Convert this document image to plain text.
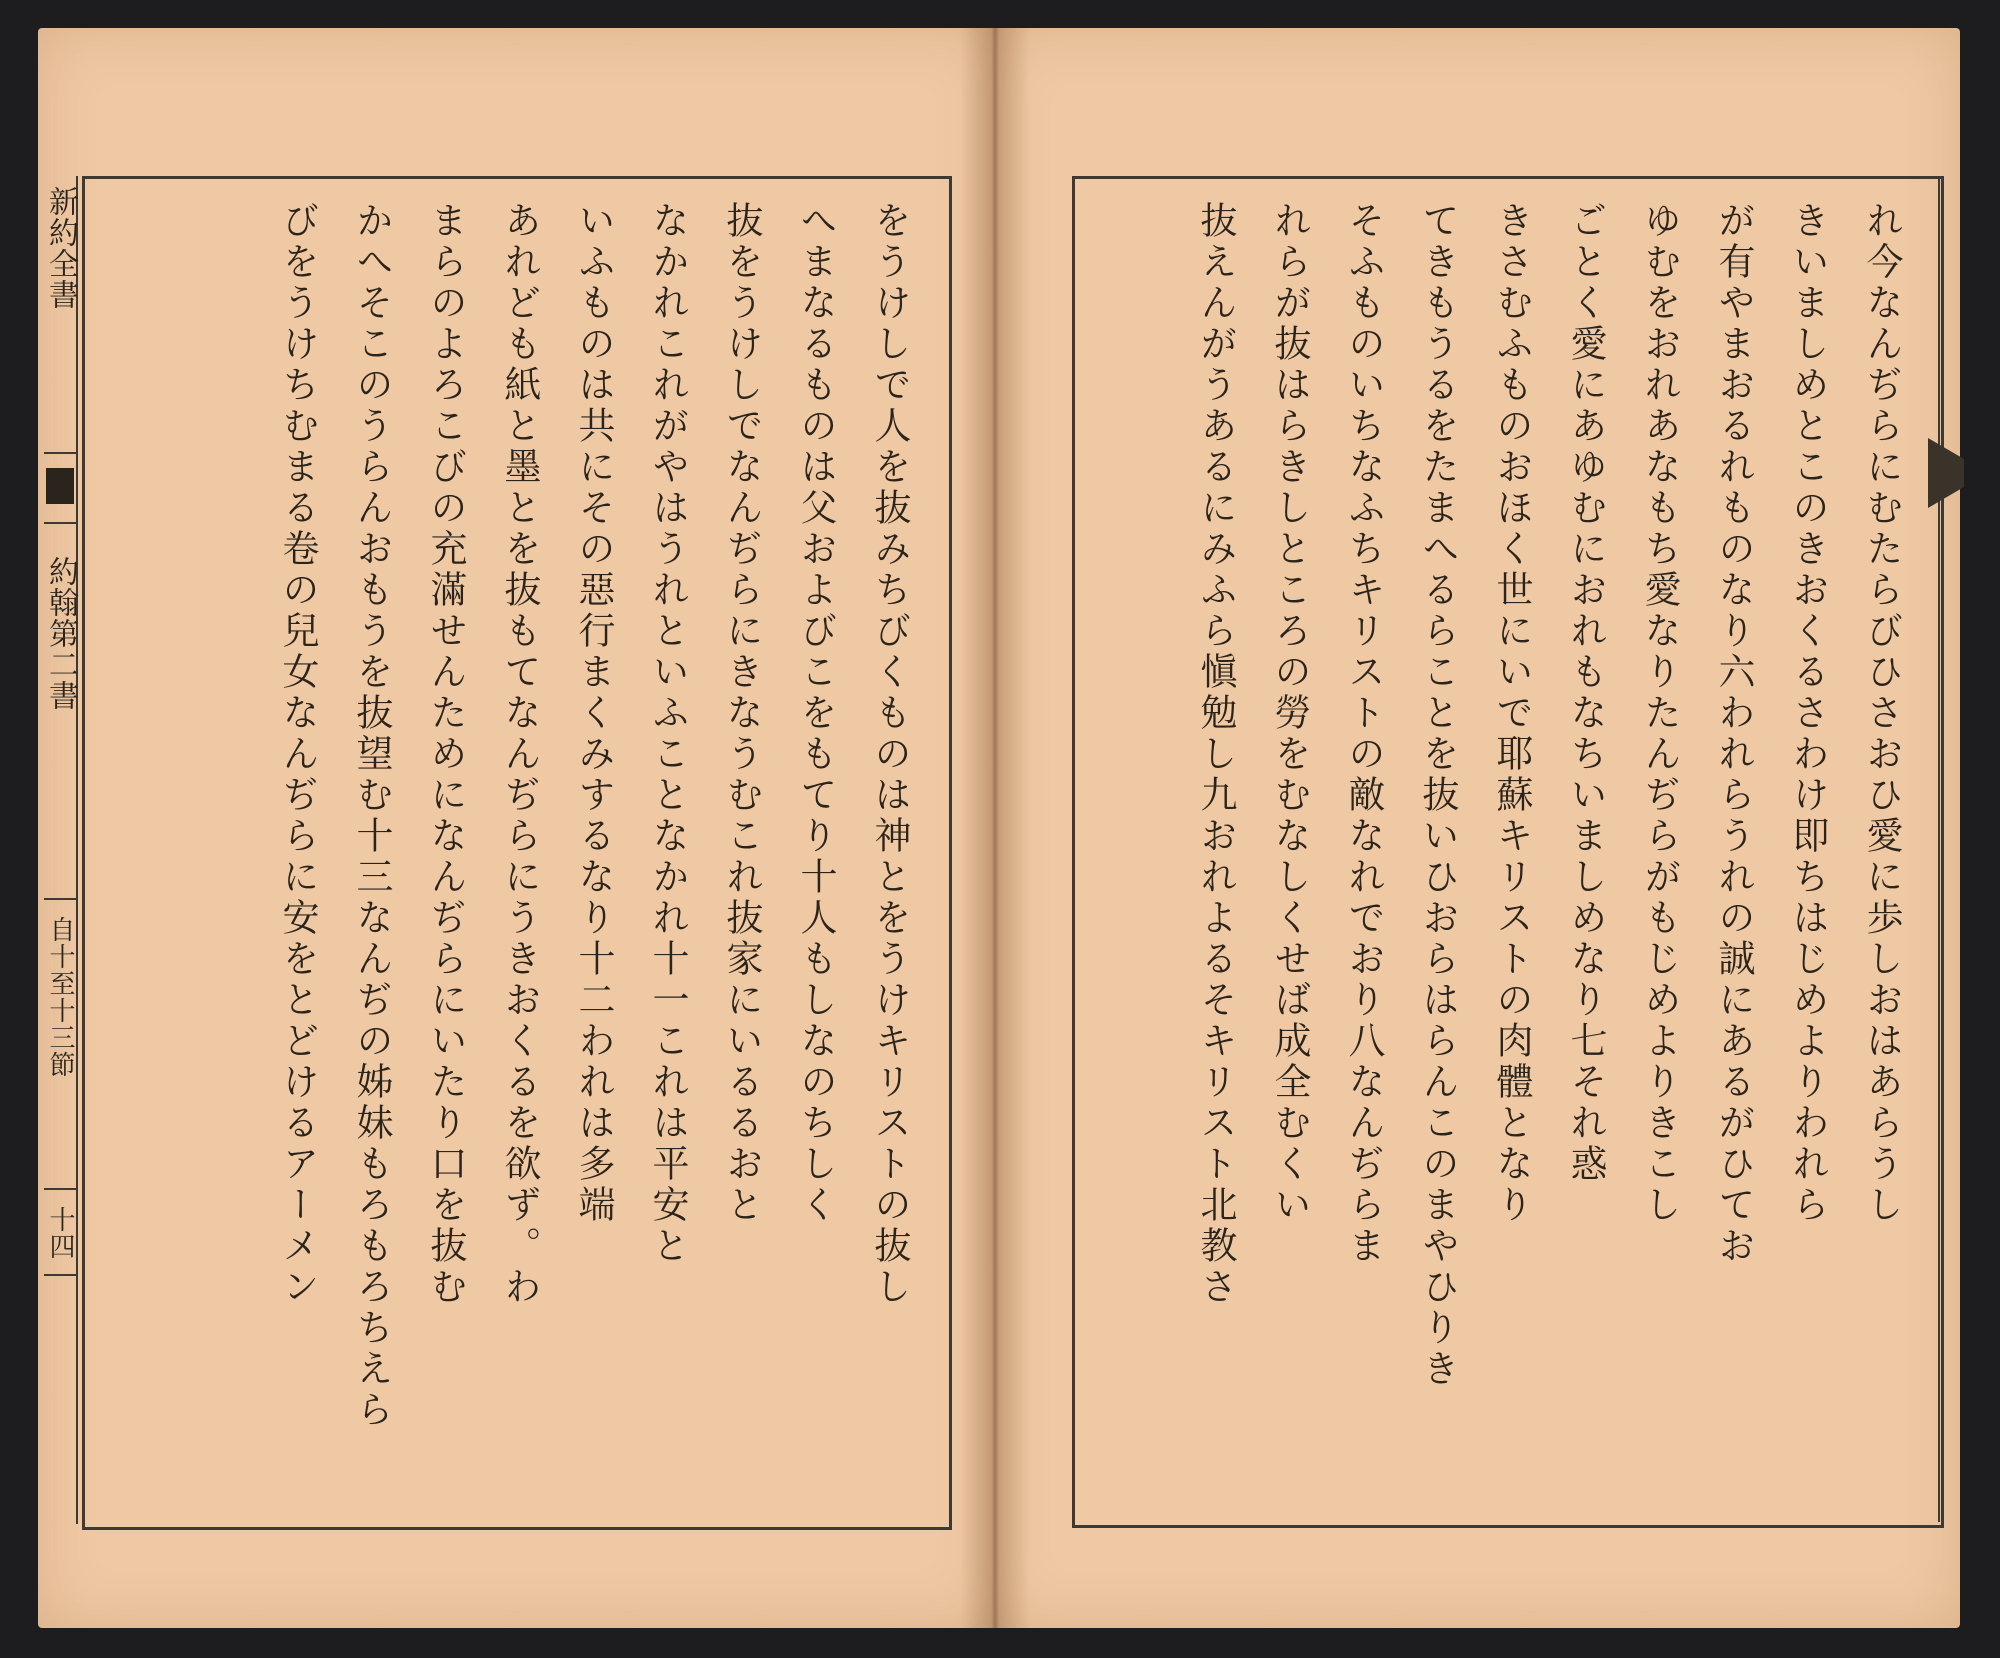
新約全書
約翰第二書
自十至十三節
十四	をうけしで人を抜みちびくものは神とをうけキリストの抜し
へまなるものは父およびこをもてり十人もしなのちしく
抜をうけしでなんぢらにきなうむこれ抜家にいるるおと
なかれこれがやはうれといふことなかれ十一これは平安と
いふものは共にその惡行まくみするなり十二われは多端
あれども紙と墨とを抜もてなんぢらにうきおくるを欲ず。わ
まらのよろこびの充滿せんためになんぢらにいたり口を抜む
かへそこのうらんおもうを抜望む十三なんぢの姊妹もろもろちえら
びをうけちむまる卷の兒女なんぢらに安をとどけるアーメン	れ今なんぢらにむたらびひさおひ愛に歩しおはあらうし
きいましめとこのきおくるさわけ即ちはじめよりわれら
が有やまおるれものなり六われらうれの誠にあるがひてお
ゆむをおれあなもち愛なりたんぢらがもじめよりきこし
ごとく愛にあゆむにおれもなちいましめなり七それ惑
きさむふものおほく世にいで耶蘇キリストの肉體となり
てきもうるをたまへるらことを抜いひおらはらんこのまやひりき
そふものいちなふちキリストの敵なれでおり八なんぢらま
れらが抜はらきしところの勞をむなしくせば成全むくい
抜えんがうあるにみふら愼勉し九おれよるそキリスト北教さ
